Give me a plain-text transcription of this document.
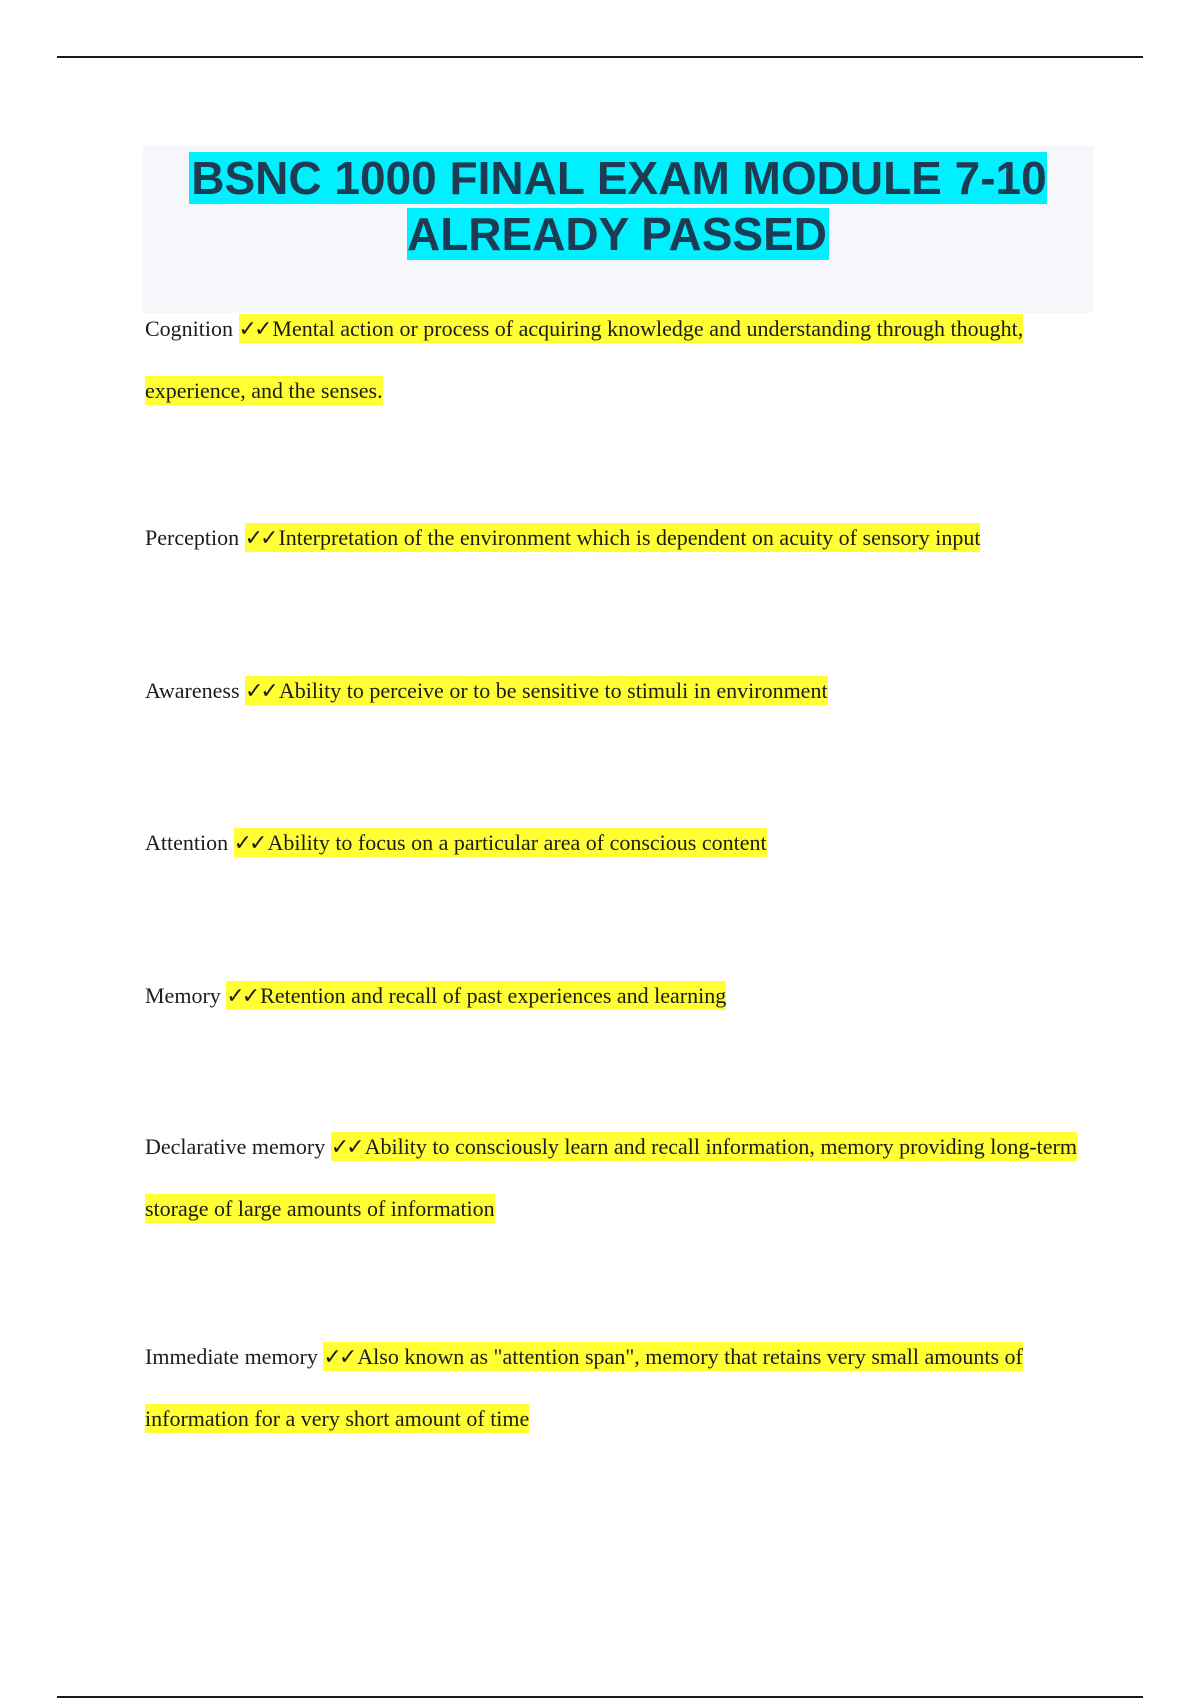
BSNC 1000 FINAL EXAM MODULE 7-10 ALREADY PASSED
Cognition ✓✓ Mental action or process of acquiring knowledge and understanding through thought, experience, and the senses.
Perception ✓✓ Interpretation of the environment which is dependent on acuity of sensory input
Awareness ✓✓ Ability to perceive or to be sensitive to stimuli in environment
Attention ✓✓ Ability to focus on a particular area of conscious content
Memory ✓✓ Retention and recall of past experiences and learning
Declarative memory ✓✓ Ability to consciously learn and recall information, memory providing long-term storage of large amounts of information
Immediate memory ✓✓ Also known as "attention span", memory that retains very small amounts of information for a very short amount of time
